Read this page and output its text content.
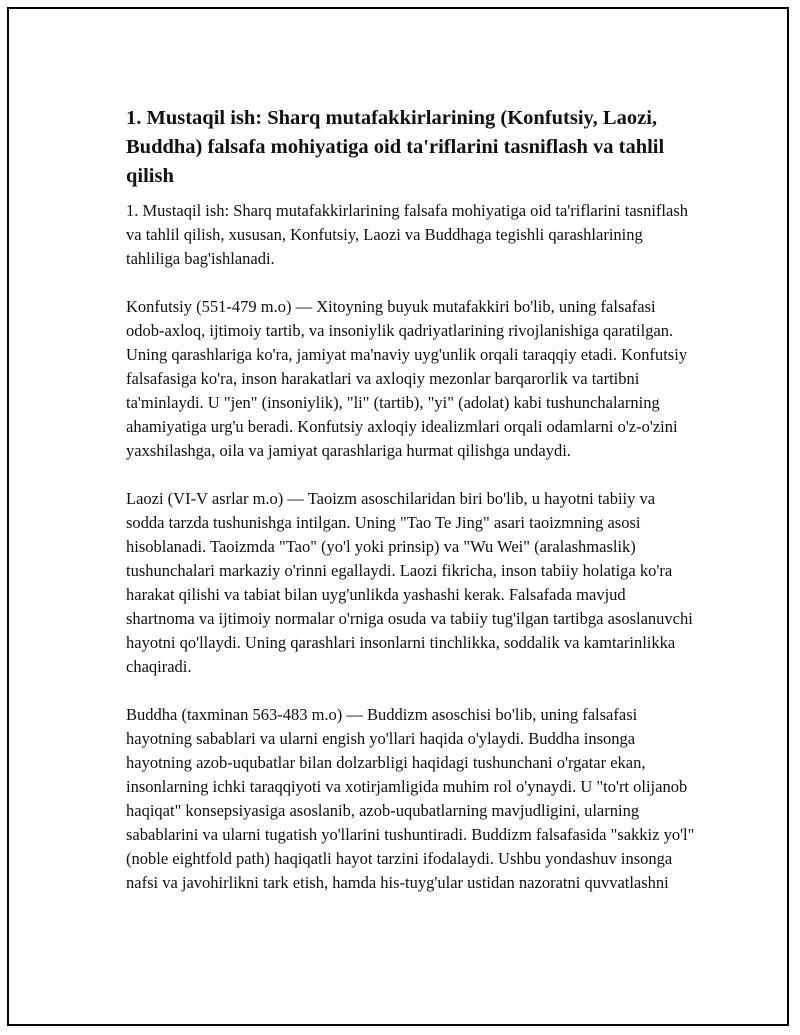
1. Mustaqil ish: Sharq mutafakkirlarining (Konfutsiy, Laozi, Buddha) falsafa mohiyatiga oid ta'riflarini tasniflash va tahlil qilish

1. Mustaqil ish: Sharq mutafakkirlarining falsafa mohiyatiga oid ta'riflarini tasniflash va tahlil qilish, xususan, Konfutsiy, Laozi va Buddhaga tegishli qarashlarining tahliliga bag'ishlanadi.

Konfutsiy (551-479 m.o) — Xitoyning buyuk mutafakkiri bo'lib, uning falsafasi odob-axloq, ijtimoiy tartib, va insoniylik qadriyatlarining rivojlanishiga qaratilgan. Uning qarashlariga ko'ra, jamiyat ma'naviy uyg'unlik orqali taraqqiy etadi. Konfutsiy falsafasiga ko'ra, inson harakatlari va axloqiy mezonlar barqarorlik va tartibni ta'minlaydi. U "jen" (insoniylik), "li" (tartib), "yi" (adolat) kabi tushunchalarning ahamiyatiga urg'u beradi. Konfutsiy axloqiy idealizmlari orqali odamlarni o'z-o'zini yaxshilashga, oila va jamiyat qarashlariga hurmat qilishga undaydi.

Laozi (VI-V asrlar m.o) — Taoizm asoschilaridan biri bo'lib, u hayotni tabiiy va sodda tarzda tushunishga intilgan. Uning "Tao Te Jing" asari taoizmning asosi hisoblanadi. Taoizmda "Tao" (yo'l yoki prinsip) va "Wu Wei" (aralashmaslik) tushunchalari markaziy o'rinni egallaydi. Laozi fikricha, inson tabiiy holatiga ko'ra harakat qilishi va tabiat bilan uyg'unlikda yashashi kerak. Falsafada mavjud shartnoma va ijtimoiy normalar o'rniga osuda va tabiiy tug'ilgan tartibga asoslanuvchi hayotni qo'llaydi. Uning qarashlari insonlarni tinchlikka, soddalik va kamtarinlikka chaqiradi.

Buddha (taxminan 563-483 m.o) — Buddizm asoschisi bo'lib, uning falsafasi hayotning sabablari va ularni engish yo'llari haqida o'ylaydi. Buddha insonga hayotning azob-uqubatlar bilan dolzarbligi haqidagi tushunchani o'rgatar ekan, insonlarning ichki taraqqiyoti va xotirjamligida muhim rol o'ynaydi. U "to'rt olijanob haqiqat" konsepsiyasiga asoslanib, azob-uqubatlarning mavjudligini, ularning sabablarini va ularni tugatish yo'llarini tushuntiradi. Buddizm falsafasida "sakkiz yo'l" (noble eightfold path) haqiqatli hayot tarzini ifodalaydi. Ushbu yondashuv insonga nafsi va javohirlikni tark etish, hamda his-tuyg'ular ustidan nazoratni quvvatlashni
